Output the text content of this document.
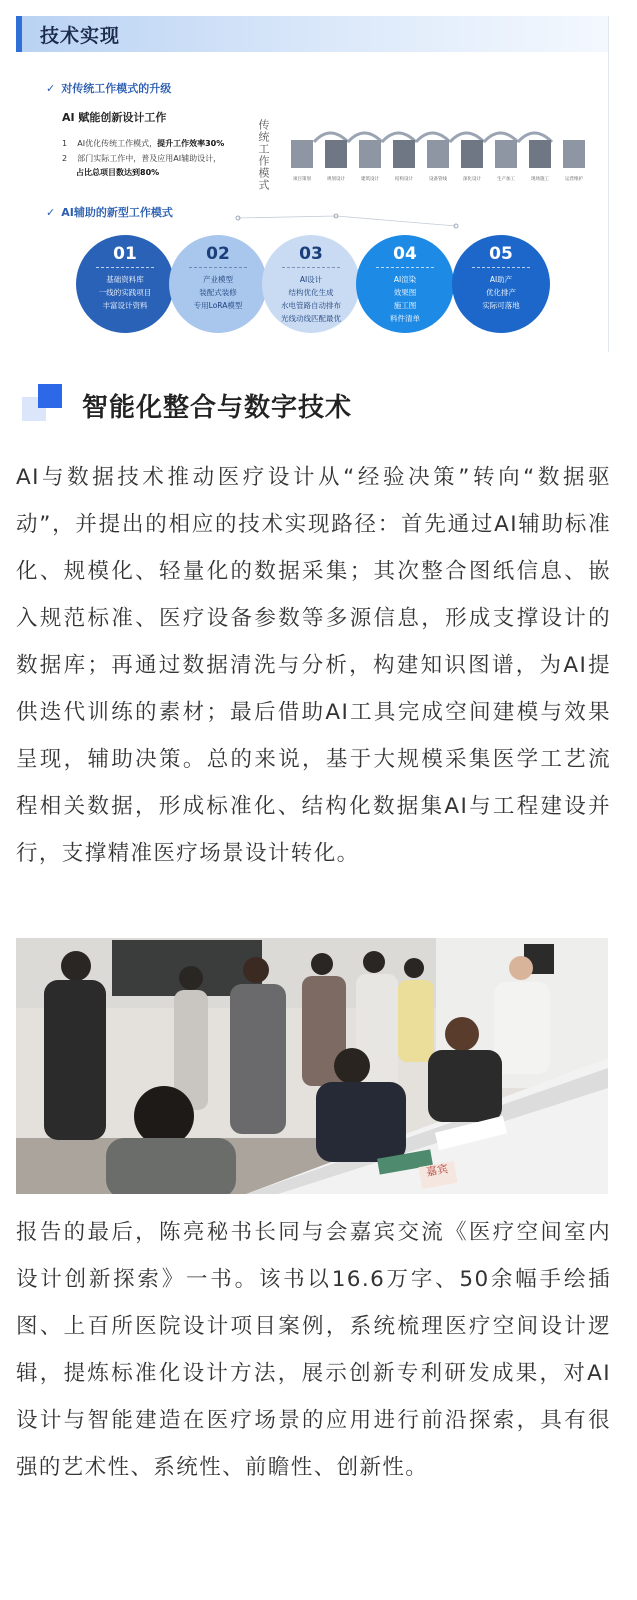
技术实现
✓ 对传统工作模式的升级
AI 赋能创新设计工作
1 AI优化传统工作模式，提升工作效率30%
2 部门实际工作中，普及应用AI辅助设计，
占比总项目数达到80%	传统工作模式	项目策划	规划设计	建筑设计	结构设计	设备管线	深化设计	生产加工	现场施工	运营维护
✓ AI辅助的新型工作模式
01
基础资料库
一线的实践项目
丰富设计资料
02
产业模型
装配式装修
专用LoRA模型
03
AI设计
结构优化生成
水电管路自动排布
光线动线匹配最优
04
AI渲染
效果图
施工图
料件清单
05
AI助产
优化排产
实际可落地
智能化整合与数字技术
AI与数据技术推动医疗设计从“经验决策”转向“数据驱动”，并提出的相应的技术实现路径：首先通过AI辅助标准化、规模化、轻量化的数据采集；其次整合图纸信息、嵌入规范标准、医疗设备参数等多源信息，形成支撑设计的数据库；再通过数据清洗与分析，构建知识图谱，为AI提供迭代训练的素材；最后借助AI工具完成空间建模与效果呈现，辅助决策。总的来说，基于大规模采集医学工艺流程相关数据，形成标准化、结构化数据集AI与工程建设并行，支撑精准医疗场景设计转化。
嘉宾
报告的最后，陈亮秘书长同与会嘉宾交流《医疗空间室内设计创新探索》一书。该书以16.6万字、50余幅手绘插图、上百所医院设计项目案例，系统梳理医疗空间设计逻辑，提炼标准化设计方法，展示创新专利研发成果，对AI设计与智能建造在医疗场景的应用进行前沿探索，具有很强的艺术性、系统性、前瞻性、创新性。
